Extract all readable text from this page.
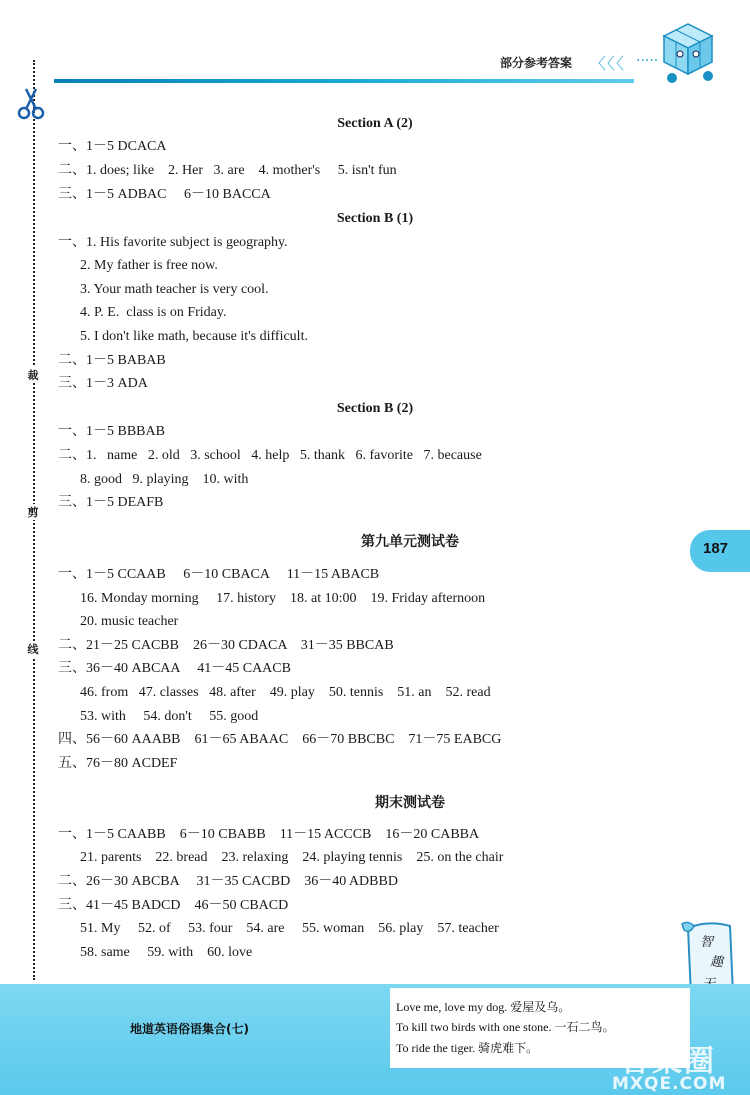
部分参考答案 〈〈〈 ·····
裁
剪
线
187
Section A (2)
一、1－5 DCACA
二、1. does; like    2. Her   3. are    4. mother's     5. isn't fun
三、1－5 ADBAC     6－10 BACCA
Section B (1)
一、1. His favorite subject is geography.
2. My father is free now.
3. Your math teacher is very cool.
4. P. E.  class is on Friday.
5. I don't like math, because it's difficult.
二、1－5 BABAB
三、1－3 ADA
Section B (2)
一、1－5 BBBAB
二、1.   name   2. old   3. school   4. help   5. thank   6. favorite   7. because
8. good   9. playing    10. with
三、1－5 DEAFB
第九单元测试卷
一、1－5 CCAAB     6－10 CBACA     11－15 ABACB
16. Monday morning     17. history    18. at 10:00    19. Friday afternoon
20. music teacher
二、21－25 CACBB    26－30 CDACA    31－35 BBCAB
三、36－40 ABCAA     41－45 CAACB
46. from   47. classes   48. after    49. play    50. tennis    51. an    52. read
53. with     54. don't     55. good
四、56－60 AAABB    61－65 ABAAC    66－70 BBCBC    71－75 EABCG
五、76－80 ACDEF
期末测试卷
一、1－5 CAABB    6－10 CBABB    11－15 ACCCB    16－20 CABBA
21. parents    22. bread    23. relaxing    24. playing tennis    25. on the chair
二、26－30 ABCBA     31－35 CACBD    36－40 ADBBD
三、41－45 BADCD    46－50 CBACD
51. My     52. of     53. four    54. are     55. woman    56. play    57. teacher
58. same     59. with    60. love
智
趣
地道英语俗语集合(七)
Love me, love my dog. 爱屋及乌。
To kill two birds with one stone. 一石二鸟。
To ride the tiger. 骑虎难下。	答案圈
MXQE.COM
